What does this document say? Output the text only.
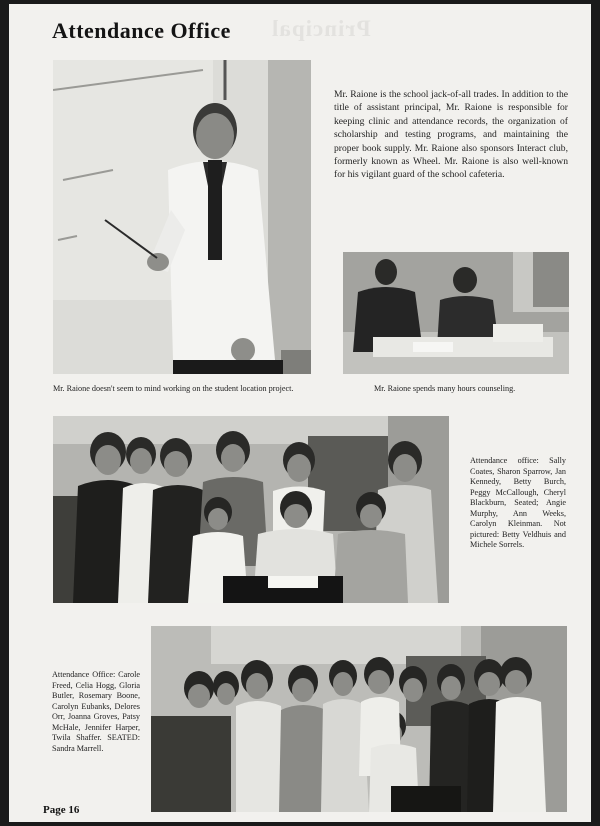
Principal
Attendance Office
Mr. Raione is the school jack-of-all trades. In addition to the title of assistant principal, Mr. Raione is responsible for keeping clinic and attendance records, the organization of scholarship and testing programs, and maintaining the proper book supply. Mr. Raione also sponsors Interact club, formerly known as Wheel. Mr. Raione is also well-known for his vigilant guard of the school cafeteria.
Mr. Raione doesn't seem to mind working on the student location project.	Mr. Raione spends many hours counseling.
Attendance office: Sally Coates, Sharon Sparrow, Jan Kennedy, Betty Burch, Peggy McCallough, Cheryl Blackburn, Seated; Angie Murphy, Ann Weeks, Carolyn Kleinman. Not pictured: Betty Veldhuis and Michele Sorrels.
Attendance Office: Carole Freed, Celia Hogg, Gloria Butler, Rosemary Boone, Carolyn Eubanks, Delores Orr, Joanna Groves, Patsy McHale, Jennifer Harper, Twila Shaffer. SEATED: Sandra Marrell.
Page 16
